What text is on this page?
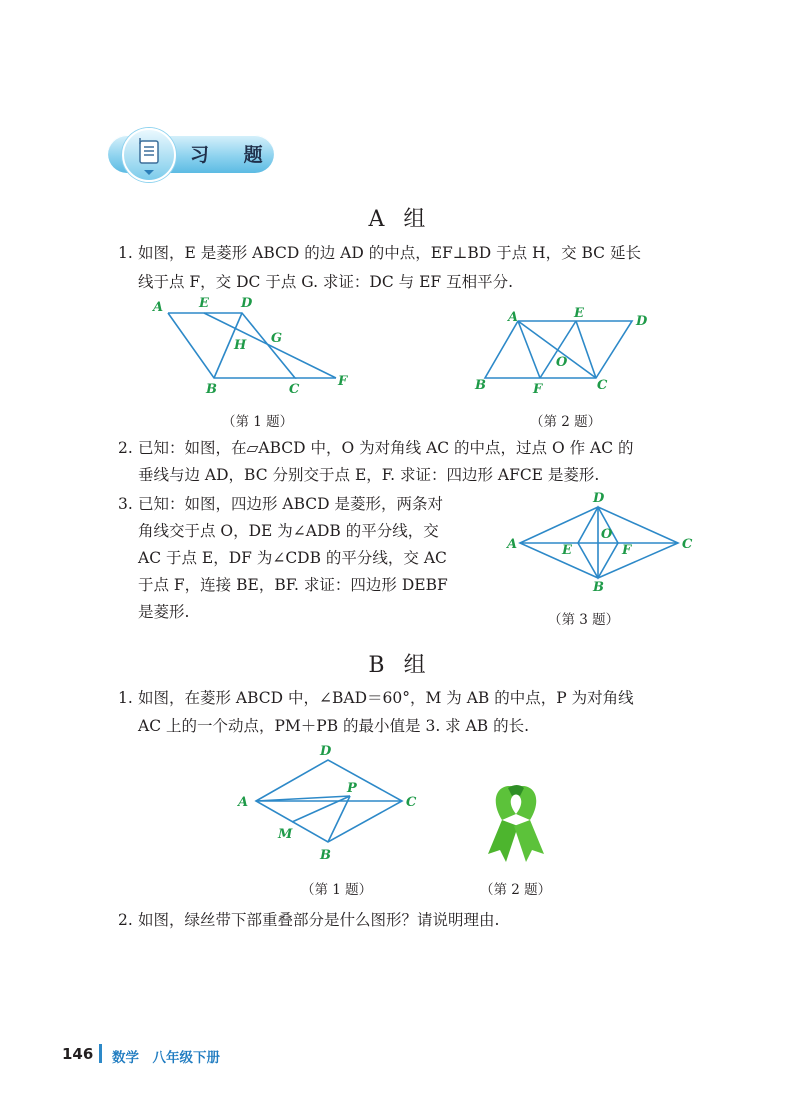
习 题
A 组
1. 如图，E 是菱形 ABCD 的边 AD 的中点，EF⊥BD 于点 H，交 BC 延长
线于点 F，交 DC 于点 G. 求证：DC 与 EF 互相平分.
A	E D
H G
B	C
F
A	E
D
O
B	F	C
（第 1 题）	（第 2 题）
2. 已知：如图，在▱ABCD 中，O 为对角线 AC 的中点，过点 O 作 AC 的
垂线与边 AD，BC 分别交于点 E，F. 求证：四边形 AFCE 是菱形.
3. 已知：如图，四边形 ABCD 是菱形，两条对
角线交于点 O，DE 为∠ADB 的平分线，交
AC 于点 E，DF 为∠CDB 的平分线，交 AC
于点 F，连接 BE，BF. 求证：四边形 DEBF
是菱形.
D
A	E
O
F	C
B
（第 3 题）
B 组
1. 如图，在菱形 ABCD 中，∠BAD＝60°，M 为 AB 的中点，P 为对角线
AC 上的一个动点，PM＋PB 的最小值是 3. 求 AB 的长.
D
A
P
C
M
B
（第 1 题）	（第 2 题）
2. 如图，绿丝带下部重叠部分是什么图形？请说明理由.
146 数学　八年级下册
